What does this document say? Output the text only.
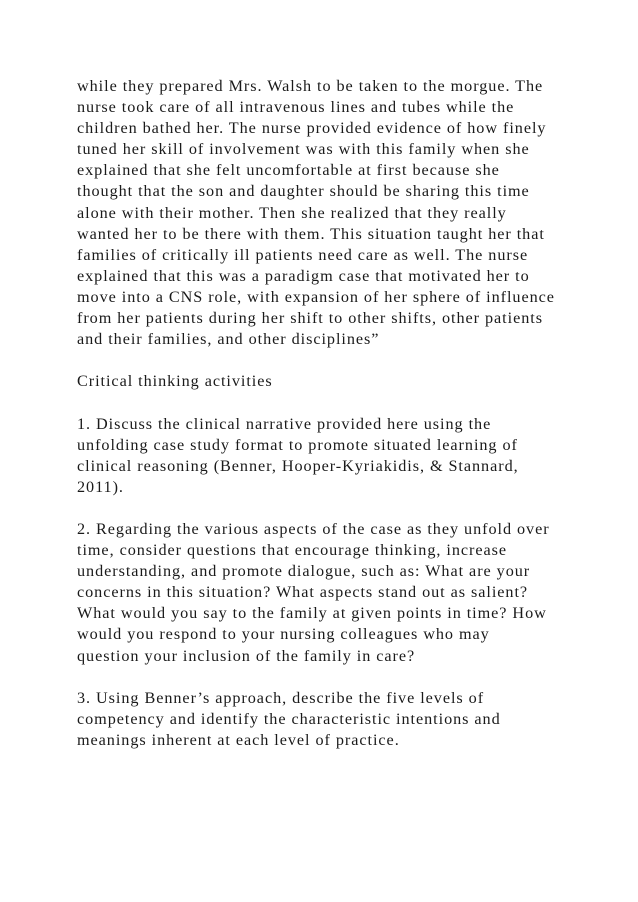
while they prepared Mrs. Walsh to be taken to the morgue. The
nurse took care of all intravenous lines and tubes while the
children bathed her. The nurse provided evidence of how finely
tuned her skill of involvement was with this family when she
explained that she felt uncomfortable at first because she
thought that the son and daughter should be sharing this time
alone with their mother. Then she realized that they really
wanted her to be there with them. This situation taught her that
families of critically ill patients need care as well. The nurse
explained that this was a paradigm case that motivated her to
move into a CNS role, with expansion of her sphere of influence
from her patients during her shift to other shifts, other patients
and their families, and other disciplines”
Critical thinking activities
1. Discuss the clinical narrative provided here using the
unfolding case study format to promote situated learning of
clinical reasoning (Benner, Hooper-Kyriakidis, & Stannard,
2011).
2. Regarding the various aspects of the case as they unfold over
time, consider questions that encourage thinking, increase
understanding, and promote dialogue, such as: What are your
concerns in this situation? What aspects stand out as salient?
What would you say to the family at given points in time? How
would you respond to your nursing colleagues who may
question your inclusion of the family in care?
3. Using Benner’s approach, describe the five levels of
competency and identify the characteristic intentions and
meanings inherent at each level of practice.
